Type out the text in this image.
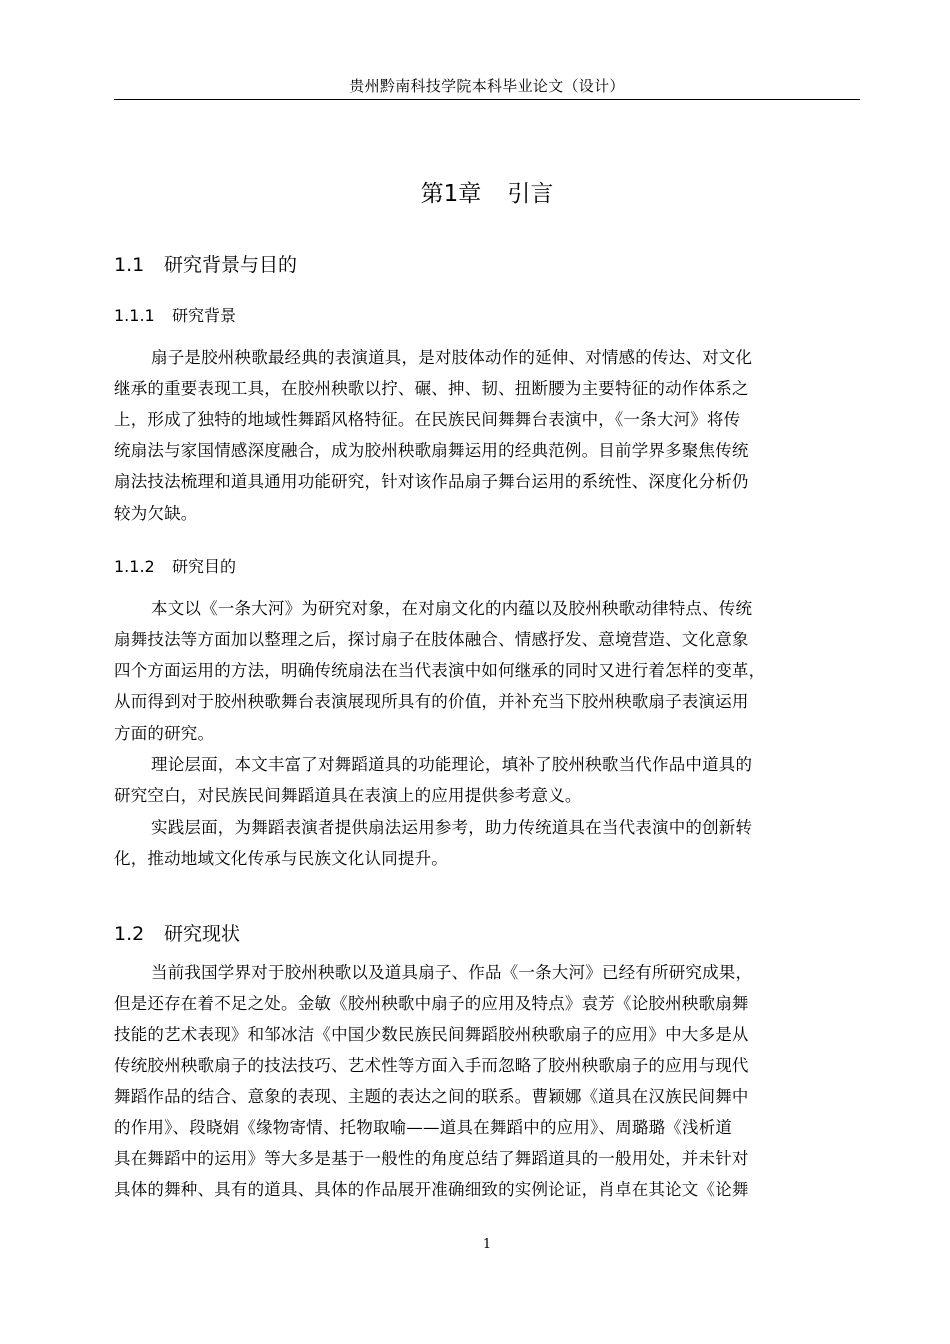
贵州黔南科技学院本科毕业论文（设计）
第1章 引言
1.1 研究背景与目的
1.1.1 研究背景
扇子是胶州秧歌最经典的表演道具，是对肢体动作的延伸、对情感的传达、对文化
继承的重要表现工具，在胶州秧歌以拧、碾、抻、韧、扭断腰为主要特征的动作体系之
上，形成了独特的地域性舞蹈风格特征。在民族民间舞舞台表演中，《一条大河》将传
统扇法与家国情感深度融合，成为胶州秧歌扇舞运用的经典范例。目前学界多聚焦传统
扇法技法梳理和道具通用功能研究，针对该作品扇子舞台运用的系统性、深度化分析仍
较为欠缺。
1.1.2 研究目的
本文以《一条大河》为研究对象，在对扇文化的内蕴以及胶州秧歌动律特点、传统
扇舞技法等方面加以整理之后，探讨扇子在肢体融合、情感抒发、意境营造、文化意象
四个方面运用的方法，明确传统扇法在当代表演中如何继承的同时又进行着怎样的变革，
从而得到对于胶州秧歌舞台表演展现所具有的价值，并补充当下胶州秧歌扇子表演运用
方面的研究。
理论层面，本文丰富了对舞蹈道具的功能理论，填补了胶州秧歌当代作品中道具的
研究空白，对民族民间舞蹈道具在表演上的应用提供参考意义。
实践层面，为舞蹈表演者提供扇法运用参考，助力传统道具在当代表演中的创新转
化，推动地域文化传承与民族文化认同提升。
1.2 研究现状
当前我国学界对于胶州秧歌以及道具扇子、作品《一条大河》已经有所研究成果，
但是还存在着不足之处。金敏《胶州秧歌中扇子的应用及特点》袁芳《论胶州秧歌扇舞
技能的艺术表现》和邹冰洁《中国少数民族民间舞蹈胶州秧歌扇子的应用》中大多是从
传统胶州秧歌扇子的技法技巧、艺术性等方面入手而忽略了胶州秧歌扇子的应用与现代
舞蹈作品的结合、意象的表现、主题的表达之间的联系。曹颖娜《道具在汉族民间舞中
的作用》、段晓娟《缘物寄情、托物取喻——道具在舞蹈中的应用》、周璐璐《浅析道
具在舞蹈中的运用》等大多是基于一般性的角度总结了舞蹈道具的一般用处，并未针对
具体的舞种、具有的道具、具体的作品展开准确细致的实例论证，肖卓在其论文《论舞
1
